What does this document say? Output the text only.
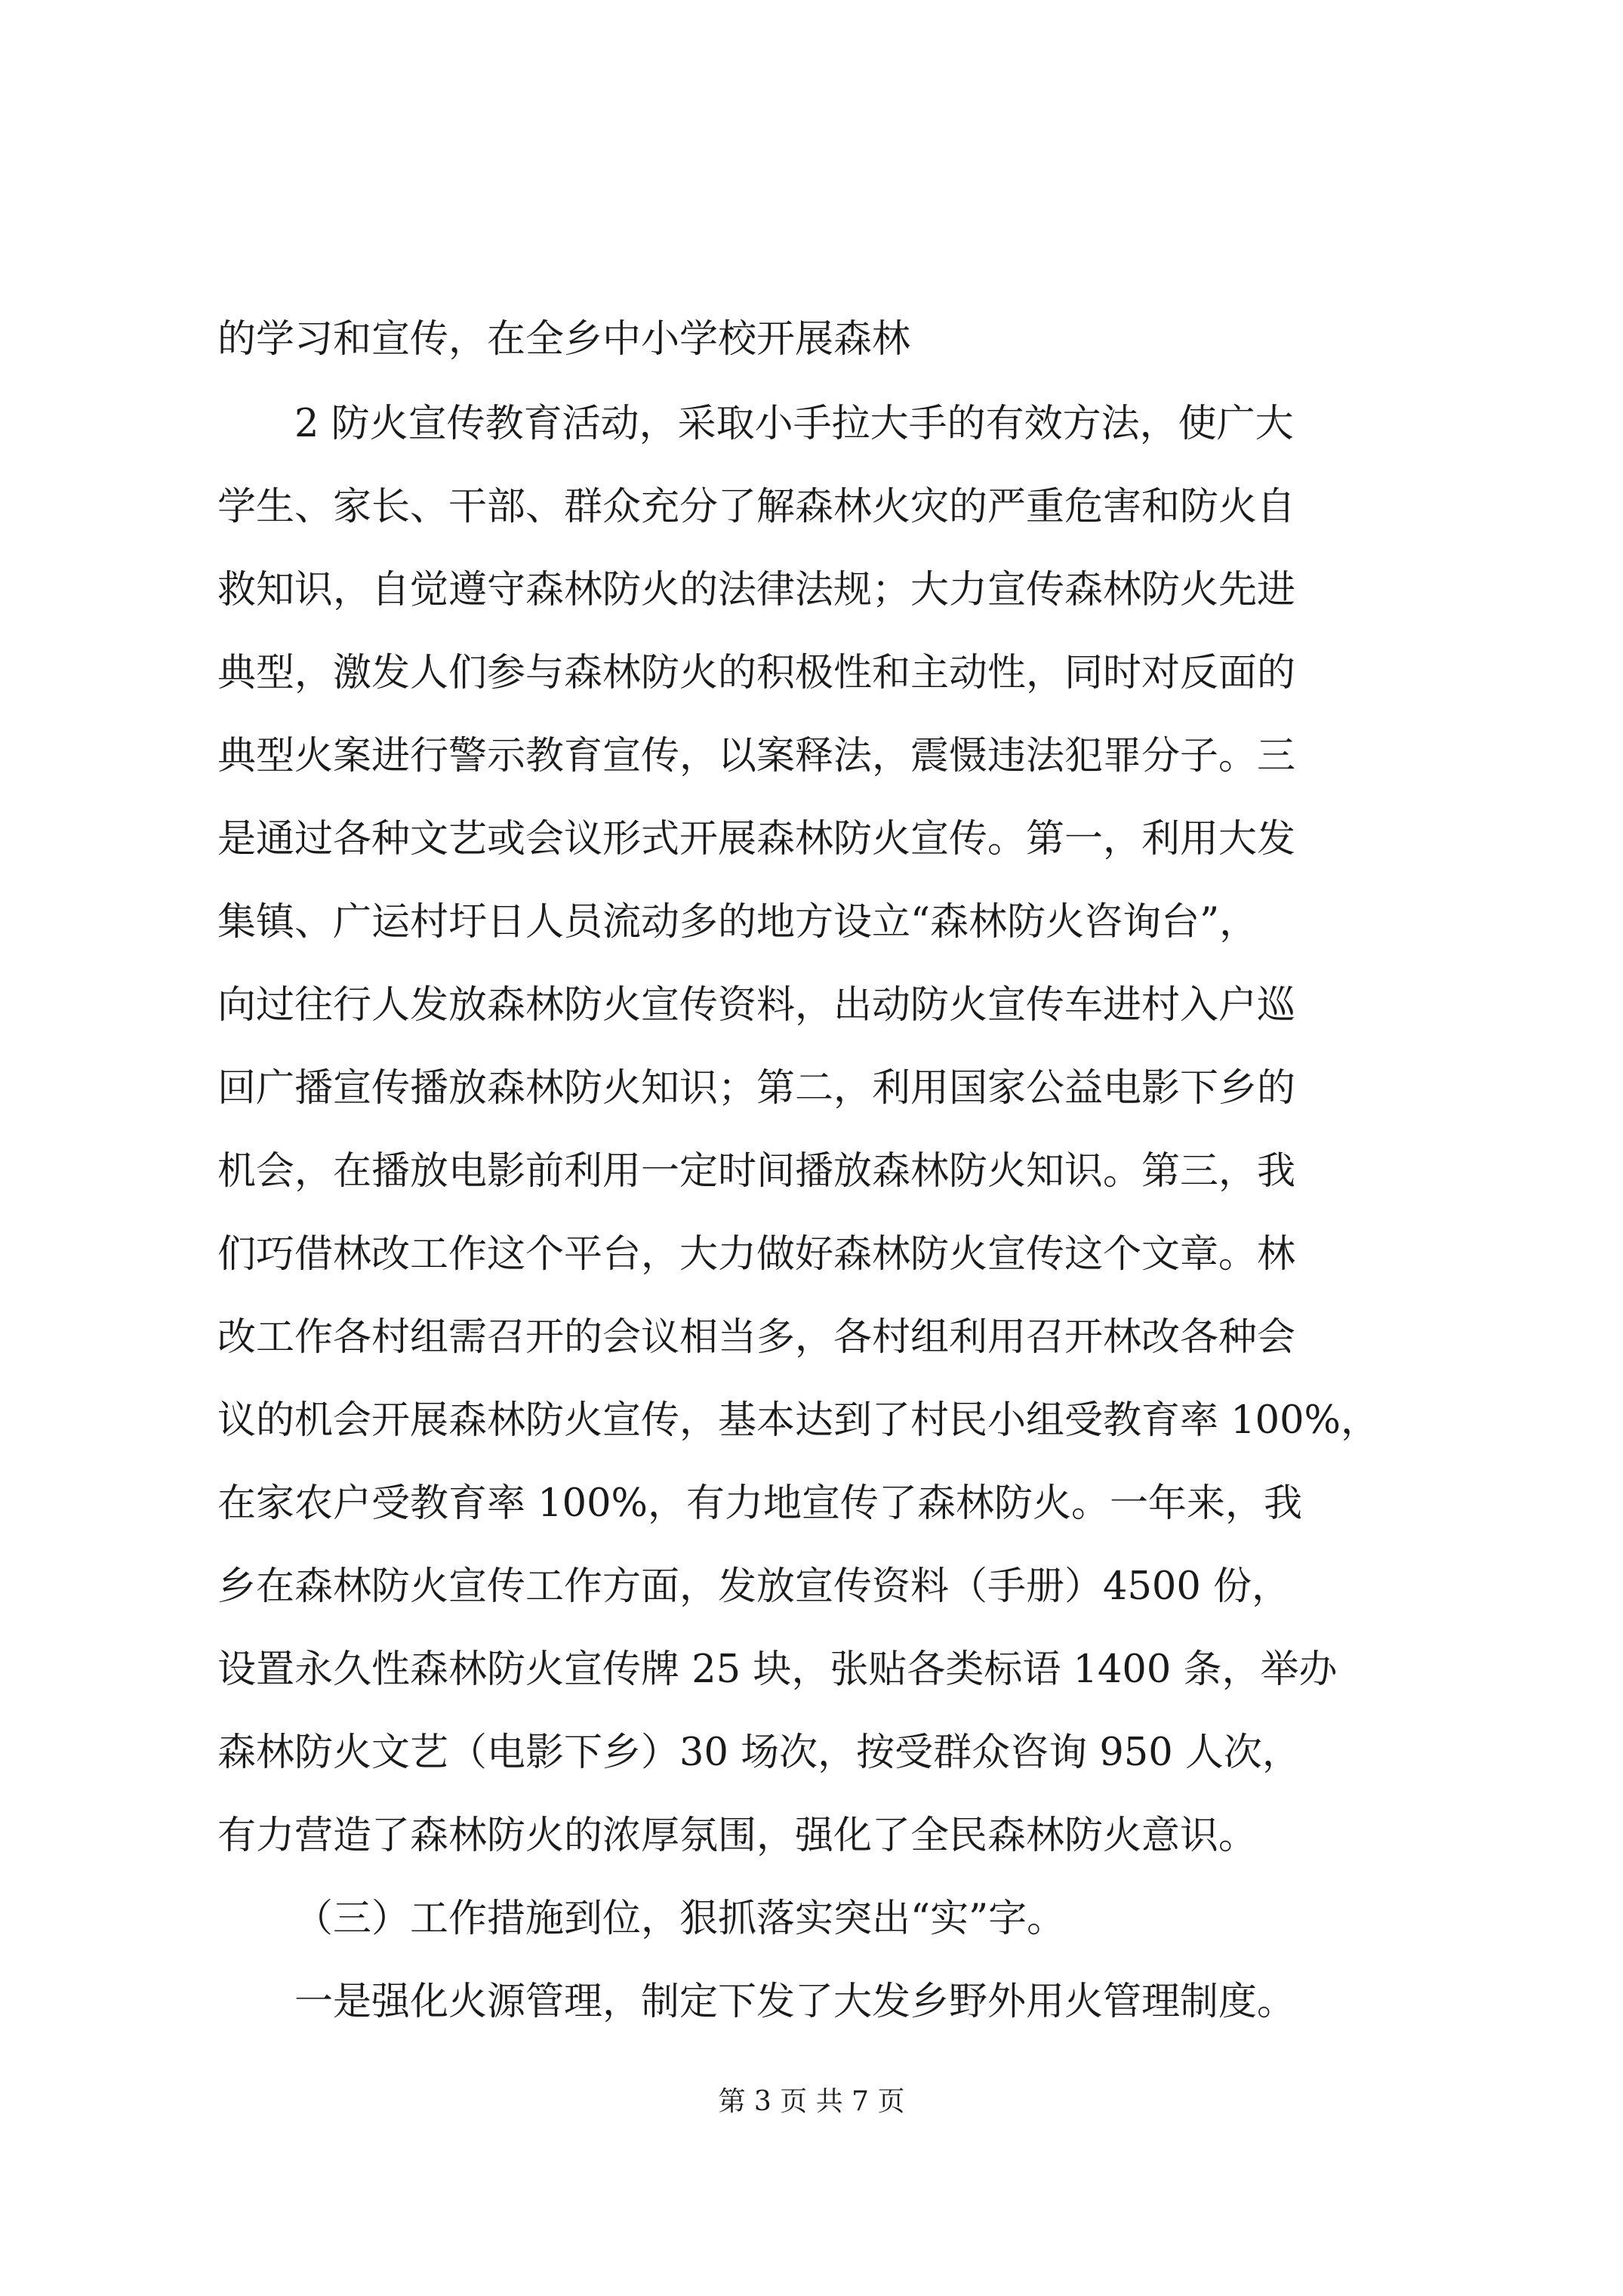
的学习和宣传，在全乡中小学校开展森林

2 防火宣传教育活动，采取小手拉大手的有效方法，使广大

学生、家长、干部、群众充分了解森林火灾的严重危害和防火自

救知识，自觉遵守森林防火的法律法规；大力宣传森林防火先进

典型，激发人们参与森林防火的积极性和主动性，同时对反面的

典型火案进行警示教育宣传，以案释法，震慑违法犯罪分子。三

是通过各种文艺或会议形式开展森林防火宣传。第一，利用大发

集镇、广运村圩日人员流动多的地方设立“森林防火咨询台”，

向过往行人发放森林防火宣传资料，出动防火宣传车进村入户巡

回广播宣传播放森林防火知识；第二，利用国家公益电影下乡的

机会，在播放电影前利用一定时间播放森林防火知识。第三，我

们巧借林改工作这个平台，大力做好森林防火宣传这个文章。林

改工作各村组需召开的会议相当多，各村组利用召开林改各种会

议的机会开展森林防火宣传，基本达到了村民小组受教育率 100%，

在家农户受教育率 100%，有力地宣传了森林防火。一年来，我

乡在森林防火宣传工作方面，发放宣传资料（手册）4500 份，

设置永久性森林防火宣传牌 25 块，张贴各类标语 1400 条，举办

森林防火文艺（电影下乡）30 场次，按受群众咨询 950 人次，

有力营造了森林防火的浓厚氛围，强化了全民森林防火意识。

（三）工作措施到位，狠抓落实突出“实”字。

一是强化火源管理，制定下发了大发乡野外用火管理制度。

第 3 页 共 7 页
